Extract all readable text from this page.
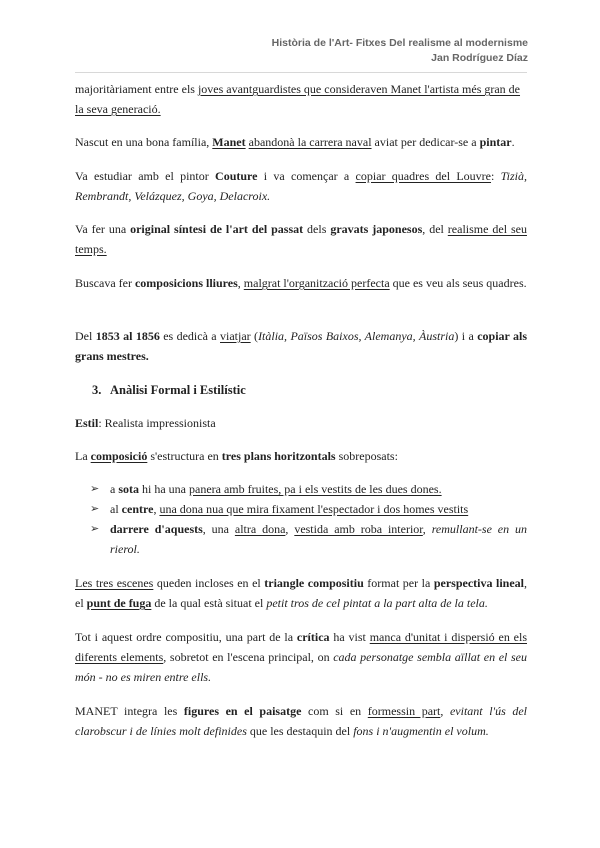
Història de l'Art- Fitxes Del realisme al modernisme
Jan Rodríguez Díaz

majoritàriament entre els joves avantguardistes que consideraven Manet l'artista més gran de la seva generació.

Nascut en una bona família, Manet abandonà la carrera naval aviat per dedicar-se a pintar.

Va estudiar amb el pintor Couture i va començar a copiar quadres del Louvre: Tizià, Rembrandt, Velázquez, Goya, Delacroix.

Va fer una original síntesi de l'art del passat dels gravats japonesos, del realisme del seu temps.

Buscava fer composicions lliures, malgrat l'organització perfecta que es veu als seus quadres.

Del 1853 al 1856 es dedicà a viatjar (Itàlia, Països Baixos, Alemanya, Àustria) i a copiar als grans mestres.

3. Anàlisi Formal i Estilístic

Estil: Realista impressionista

La composició s'estructura en tres plans horitzontals sobreposats:

➢ a sota hi ha una panera amb fruites, pa i els vestits de les dues dones.

➢ al centre, una dona nua que mira fixament l'espectador i dos homes vestits

➢ darrere d'aquests, una altra dona, vestida amb roba interior, remullant-se en un rierol.

Les tres escenes queden incloses en el triangle compositiu format per la perspectiva lineal, el punt de fuga de la qual està situat el petit tros de cel pintat a la part alta de la tela.

Tot i aquest ordre compositiu, una part de la crítica ha vist manca d'unitat i dispersió en els diferents elements, sobretot en l'escena principal, on cada personatge sembla aïllat en el seu món - no es miren entre ells.

MANET integra les figures en el paisatge com si en formessin part, evitant l'ús del clarobscur i de línies molt definides que les destaquin del fons i n'augmentin el volum.
